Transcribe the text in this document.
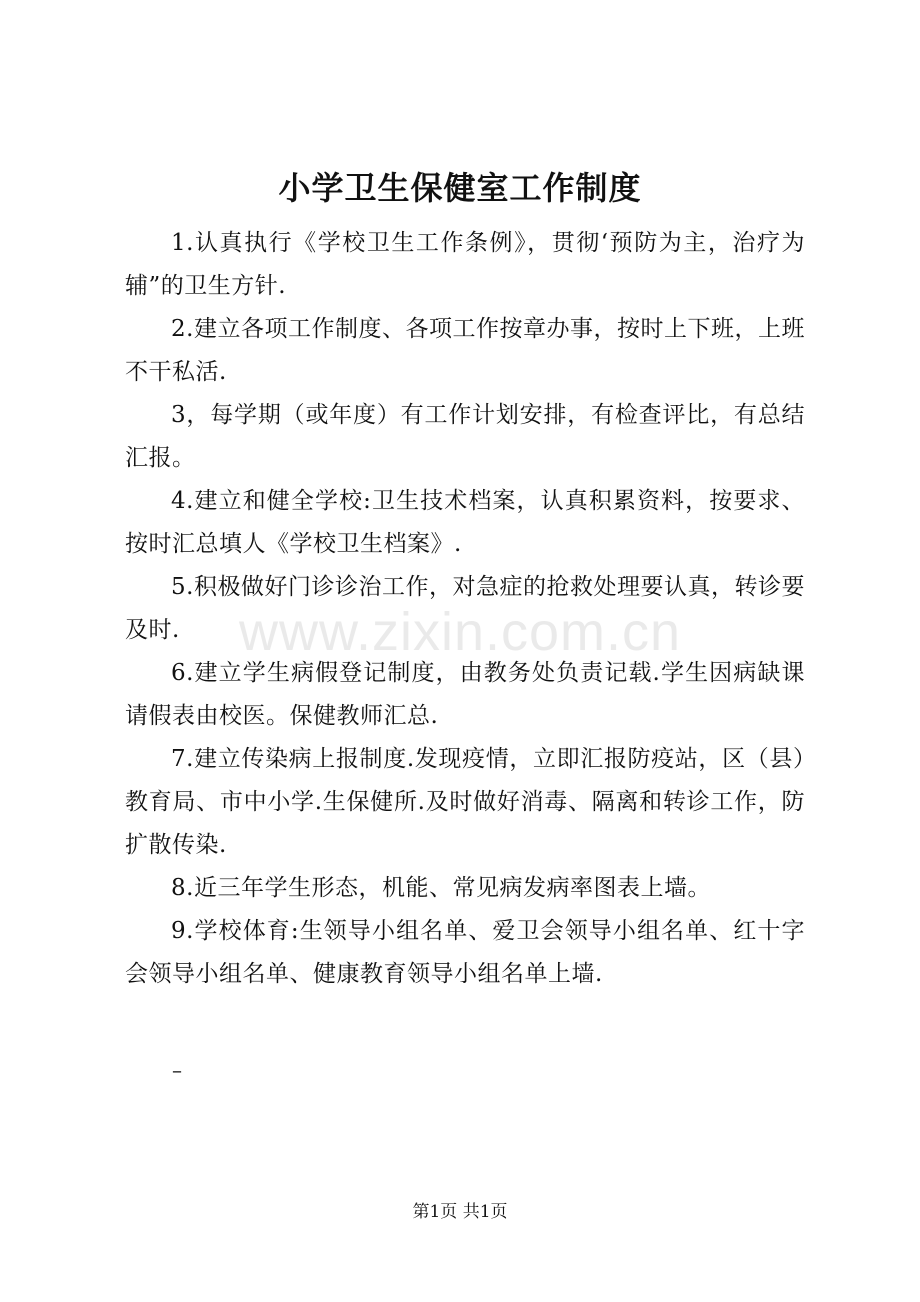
www.zixin.com.cn
小学卫生保健室工作制度

1.认真执行《学校卫生工作条例》，贯彻‘预防为主，治疗为辅”的卫生方针.

2.建立各项工作制度、各项工作按章办事，按时上下班，上班不干私活.

3，每学期（或年度）有工作计划安排，有检查评比，有总结汇报。

4.建立和健全学校:卫生技术档案，认真积累资料，按要求、按时汇总填人《学校卫生档案》.

5.积极做好门诊诊治工作，对急症的抢救处理要认真，转诊要及时.

6.建立学生病假登记制度，由教务处负责记载.学生因病缺课请假表由校医。保健教师汇总.

7.建立传染病上报制度.发现疫情，立即汇报防疫站，区（县）教育局、市中小学.生保健所.及时做好消毒、隔离和转诊工作，防扩散传染.

8.近三年学生形态，机能、常见病发病率图表上墙。

9.学校体育:生领导小组名单、爱卫会领导小组名单、红十字会领导小组名单、健康教育领导小组名单上墙.

–
第1页 共1页
